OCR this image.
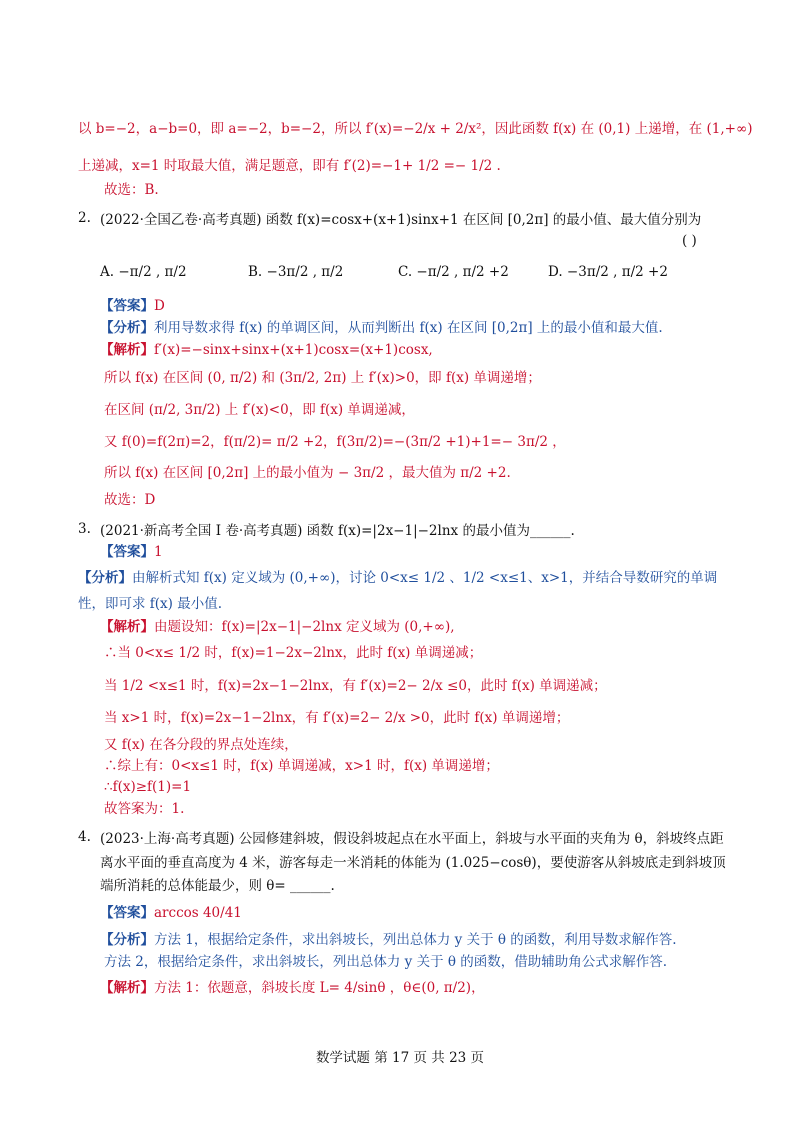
以 b=−2，a−b=0，即 a=−2，b=−2，所以 f′(x)=−2/x + 2/x²，因此函数 f(x) 在 (0,1) 上递增，在 (1,+∞)
上递减，x=1 时取最大值，满足题意，即有 f′(2)=−1+ 1/2 =− 1/2 .
故选：B.
2. (2022·全国乙卷·高考真题) 函数 f(x)=cosx+(x+1)sinx+1 在区间 [0,2π] 的最小值、最大值分别为
( )
A. −π/2 , π/2	B. −3π/2 , π/2	C. −π/2 , π/2 +2	D. −3π/2 , π/2 +2
【答案】D
【分析】利用导数求得 f(x) 的单调区间，从而判断出 f(x) 在区间 [0,2π] 上的最小值和最大值.
【解析】f′(x)=−sinx+sinx+(x+1)cosx=(x+1)cosx,
所以 f(x) 在区间 (0, π/2) 和 (3π/2, 2π) 上 f′(x)>0，即 f(x) 单调递增；
在区间 (π/2, 3π/2) 上 f′(x)<0，即 f(x) 单调递减，
又 f(0)=f(2π)=2，f(π/2)= π/2 +2，f(3π/2)=−(3π/2 +1)+1=− 3π/2 ，
所以 f(x) 在区间 [0,2π] 上的最小值为 − 3π/2 ，最大值为 π/2 +2.
故选：D
3. (2021·新高考全国 I 卷·高考真题) 函数 f(x)=|2x−1|−2lnx 的最小值为______.
【答案】1
【分析】由解析式知 f(x) 定义域为 (0,+∞)，讨论 0<x≤ 1/2 、1/2 <x≤1、x>1，并结合导数研究的单调
性，即可求 f(x) 最小值.
【解析】由题设知：f(x)=|2x−1|−2lnx 定义域为 (0,+∞),
∴当 0<x≤ 1/2 时，f(x)=1−2x−2lnx，此时 f(x) 单调递减；
当 1/2 <x≤1 时，f(x)=2x−1−2lnx，有 f′(x)=2− 2/x ≤0，此时 f(x) 单调递减；
当 x>1 时，f(x)=2x−1−2lnx，有 f′(x)=2− 2/x >0，此时 f(x) 单调递增；
又 f(x) 在各分段的界点处连续，
∴综上有：0<x≤1 时，f(x) 单调递减，x>1 时，f(x) 单调递增；
∴f(x)≥f(1)=1
故答案为：1.
4. (2023·上海·高考真题) 公园修建斜坡，假设斜坡起点在水平面上，斜坡与水平面的夹角为 θ，斜坡终点距
离水平面的垂直高度为 4 米，游客每走一米消耗的体能为 (1.025−cosθ)，要使游客从斜坡底走到斜坡顶
端所消耗的总体能最少，则 θ= ______.
【答案】arccos 40/41
【分析】方法 1，根据给定条件，求出斜坡长，列出总体力 y 关于 θ 的函数，利用导数求解作答.
方法 2，根据给定条件，求出斜坡长，列出总体力 y 关于 θ 的函数，借助辅助角公式求解作答.
【解析】方法 1：依题意，斜坡长度 L= 4/sinθ ，θ∈(0, π/2)，
数学试题 第 17 页 共 23 页
